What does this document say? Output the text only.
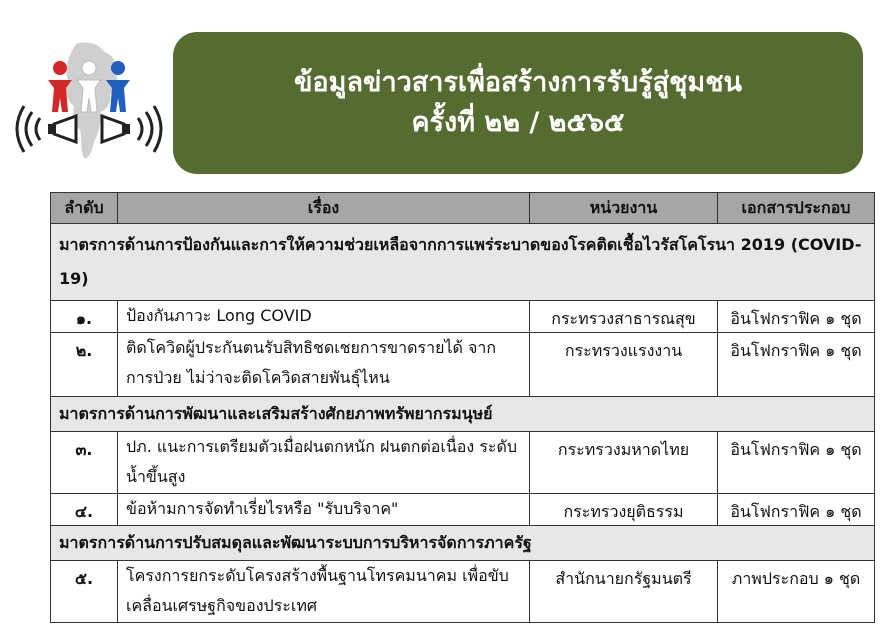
ข้อมูลข่าวสารเพื่อสร้างการรับรู้สู่ชุมชน
ครั้งที่ ๒๒ / ๒๕๖๕
ลำดับ	เรื่อง	หน่วยงาน	เอกสารประกอบ
มาตรการด้านการป้องกันและการให้ความช่วยเหลือจากการแพร่ระบาดของโรคติดเชื้อไวรัสโคโรนา 2019 (COVID-19)			
๑.	ป้องกันภาวะ Long COVID	กระทรวงสาธารณสุข	อินโฟกราฟิค ๑ ชุด
๒.	ติดโควิดผู้ประกันตนรับสิทธิชดเชยการขาดรายได้ จากการป่วย ไม่ว่าจะติดโควิดสายพันธุ์ไหน	กระทรวงแรงงาน	อินโฟกราฟิค ๑ ชุด
มาตรการด้านการพัฒนาและเสริมสร้างศักยภาพทรัพยากรมนุษย์			
๓.	ปภ. แนะการเตรียมตัวเมื่อฝนตกหนัก ฝนตกต่อเนื่อง ระดับน้ำขึ้นสูง	กระทรวงมหาดไทย	อินโฟกราฟิค ๑ ชุด
๔.	ข้อห้ามการจัดทำเรี่ยไรหรือ "รับบริจาค"	กระทรวงยุติธรรม	อินโฟกราฟิค ๑ ชุด
มาตรการด้านการปรับสมดุลและพัฒนาระบบการบริหารจัดการภาครัฐ			
๕.	โครงการยกระดับโครงสร้างพื้นฐานโทรคมนาคม เพื่อขับเคลื่อนเศรษฐกิจของประเทศ	สำนักนายกรัฐมนตรี	ภาพประกอบ ๑ ชุด
